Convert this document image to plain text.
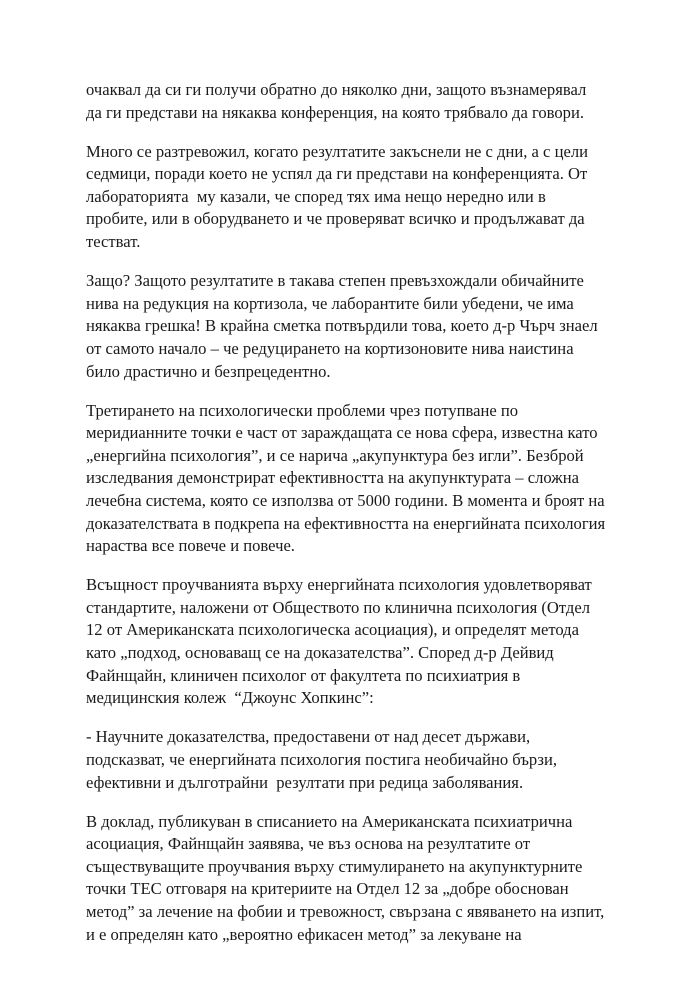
очаквал да си ги получи обратно до няколко дни, защото възнамерявал
да ги представи на някаква конференция, на която трябвало да говори.

Много се разтревожил, когато резултатите закъснели не с дни, а с цели
седмици, поради което не успял да ги представи на конференцията. От
лабораторията  му казали, че според тях има нещо нередно или в
пробите, или в оборудването и че проверяват всичко и продължават да
тестват.

Защо? Защото резултатите в такава степен превъзхождали обичайните
нива на редукция на кортизола, че лаборантите били убедени, че има
някаква грешка! В крайна сметка потвърдили това, което д-р Чърч знаел
от самото начало – че редуцирането на кортизоновите нива наистина
било драстично и безпрецедентно.

Третирането на психологически проблеми чрез потупване по
меридианните точки е част от зараждащата се нова сфера, известна като
„енергийна психология”, и се нарича „акупунктура без игли”. Безброй
изследвания демонстрират ефективността на акупунктурата – сложна
лечебна система, която се използва от 5000 години. В момента и броят на
доказателствата в подкрепа на ефективността на енергийната психология
нараства все повече и повече.

Всъщност проучванията върху енергийната психология удовлетворяват
стандартите, наложени от Обществото по клинична психология (Отдел
12 от Американската психологическа асоциация), и определят метода
като „подход, основаващ се на доказателства”. Според д-р Дейвид
Файнщайн, клиничен психолог от факултета по психиатрия в
медицинския колеж  “Джоунс Хопкинс”:

- Научните доказателства, предоставени от над десет държави,
подсказват, че енергийната психология постига необичайно бързи,
ефективни и дълготрайни  резултати при редица заболявания.

В доклад, публикуван в списанието на Американската психиатрична
асоциация, Файнщайн заявява, че въз основа на резултатите от
съществуващите проучвания върху стимулирането на акупунктурните
точки ТЕС отговаря на критериите на Отдел 12 за „добре обоснован
метод” за лечение на фобии и тревожност, свързана с явяването на изпит,
и е определян като „вероятно ефикасен метод” за лекуване на
